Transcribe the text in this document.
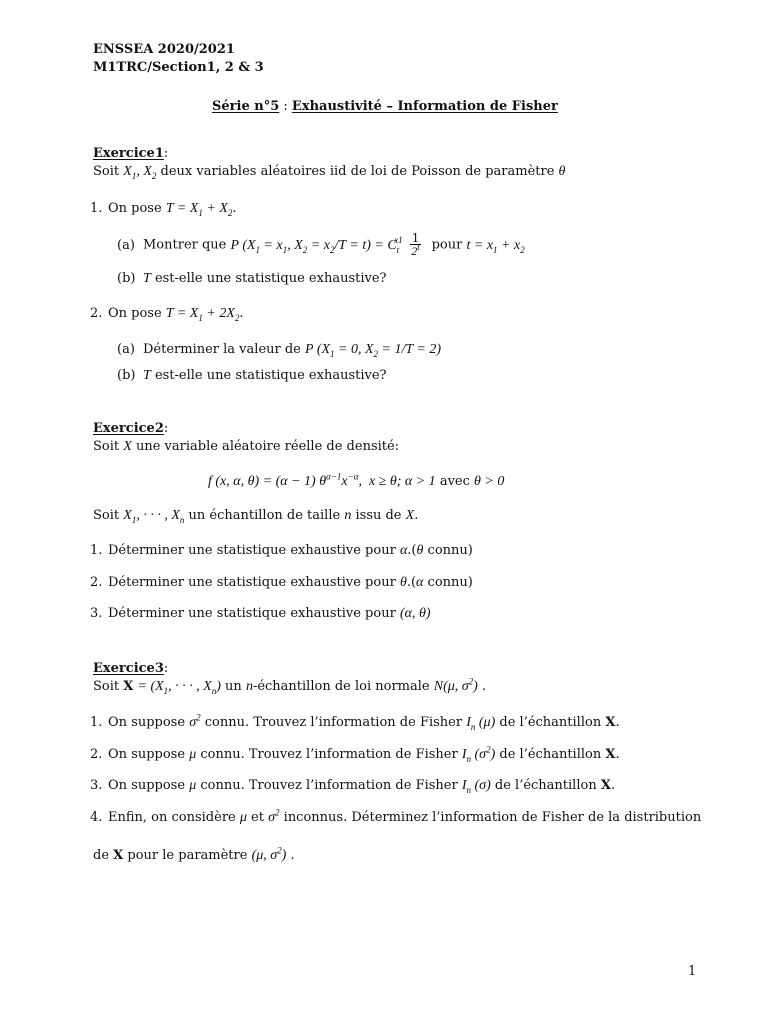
ENSSEA 2020/2021
M1TRC/Section1, 2 & 3
Série n°5 : Exhaustivité – Information de Fisher
Exercice1:
Soit $X_1$, $X_2$ deux variables aléatoires iid de loi de Poisson de paramètre θ
1. On pose $T = X_1 + X_2$.
(a) Montrer que P ($X_1 = x_1$, $X_2 = x_2/T = t) = C_t^{x1} \frac{1}{2^t}$ pour $t = x_1 + x_2$
(b) T est-elle une statistique exhaustive?
2. On pose $T = X_1 + 2X_2$.
(a) Déterminer la valeur de P ($X_1 = 0$, $X_2 = 1/T = 2$)
(b) T est-elle une statistique exhaustive?
Exercice2:
Soit X une variable aléatoire réelle de densité:
f (x, α, θ) = (α − 1) $\theta^{\alpha-1}x^{-\alpha}$,  x ≥ θ; α > 1 avec θ > 0
Soit $X_1$, · · · , $X_n$ un échantillon de taille n issu de X.
1. Déterminer une statistique exhaustive pour α.(θ connu)
2. Déterminer une statistique exhaustive pour θ.(α connu)
3. Déterminer une statistique exhaustive pour (α, θ)
Exercice3:
Soit $X = (X_1$, · · · , $X_n$) un n-échantillon de loi normale N(μ, $\sigma^2$) .
1. On suppose $\sigma^2$ connu. Trouvez l’information de Fisher $I_n$ (μ) de l’échantillon X.
2. On suppose μ connu. Trouvez l’information de Fisher $I_n$ $(\sigma^2)$ de l’échantillon X.
3. On suppose μ connu. Trouvez l’information de Fisher $I_n$ (σ) de l’échantillon X.
4. Enfin, on considère μ et $\sigma^2$ inconnus. Déterminez l’information de Fisher de la distribution
de X pour le paramètre (μ, $\sigma^2$) .
1
